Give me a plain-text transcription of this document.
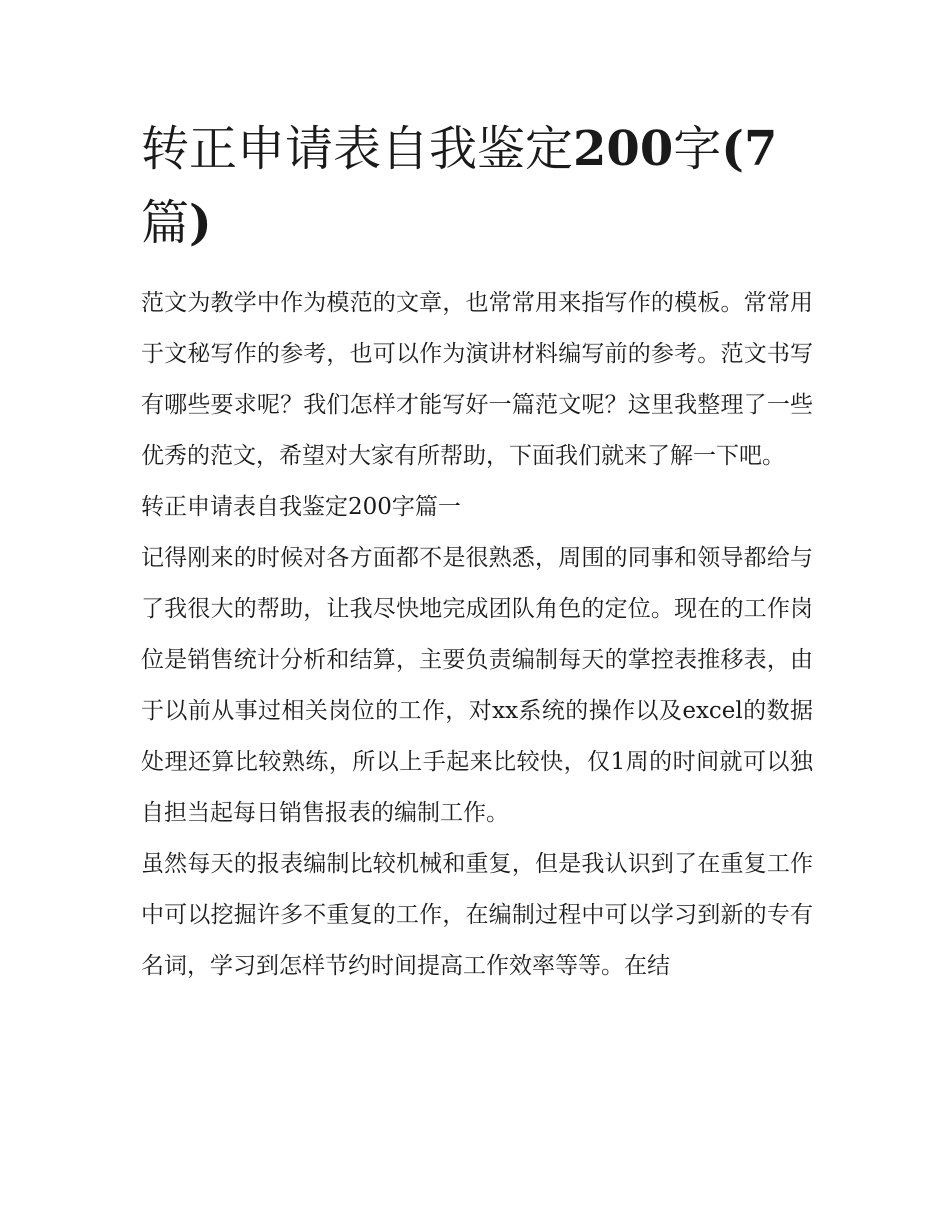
转正申请表自我鉴定200字(7篇)

范文为教学中作为模范的文章，也常常用来指写作的模板。常常用于文秘写作的参考，也可以作为演讲材料编写前的参考。范文书写有哪些要求呢？我们怎样才能写好一篇范文呢？这里我整理了一些优秀的范文，希望对大家有所帮助，下面我们就来了解一下吧。

转正申请表自我鉴定200字篇一

记得刚来的时候对各方面都不是很熟悉，周围的同事和领导都给与了我很大的帮助，让我尽快地完成团队角色的定位。现在的工作岗位是销售统计分析和结算，主要负责编制每天的掌控表推移表，由于以前从事过相关岗位的工作，对xx系统的操作以及excel的数据处理还算比较熟练，所以上手起来比较快，仅1周的时间就可以独自担当起每日销售报表的编制工作。

虽然每天的报表编制比较机械和重复，但是我认识到了在重复工作中可以挖掘许多不重复的工作，在编制过程中可以学习到新的专有名词，学习到怎样节约时间提高工作效率等等。在结
